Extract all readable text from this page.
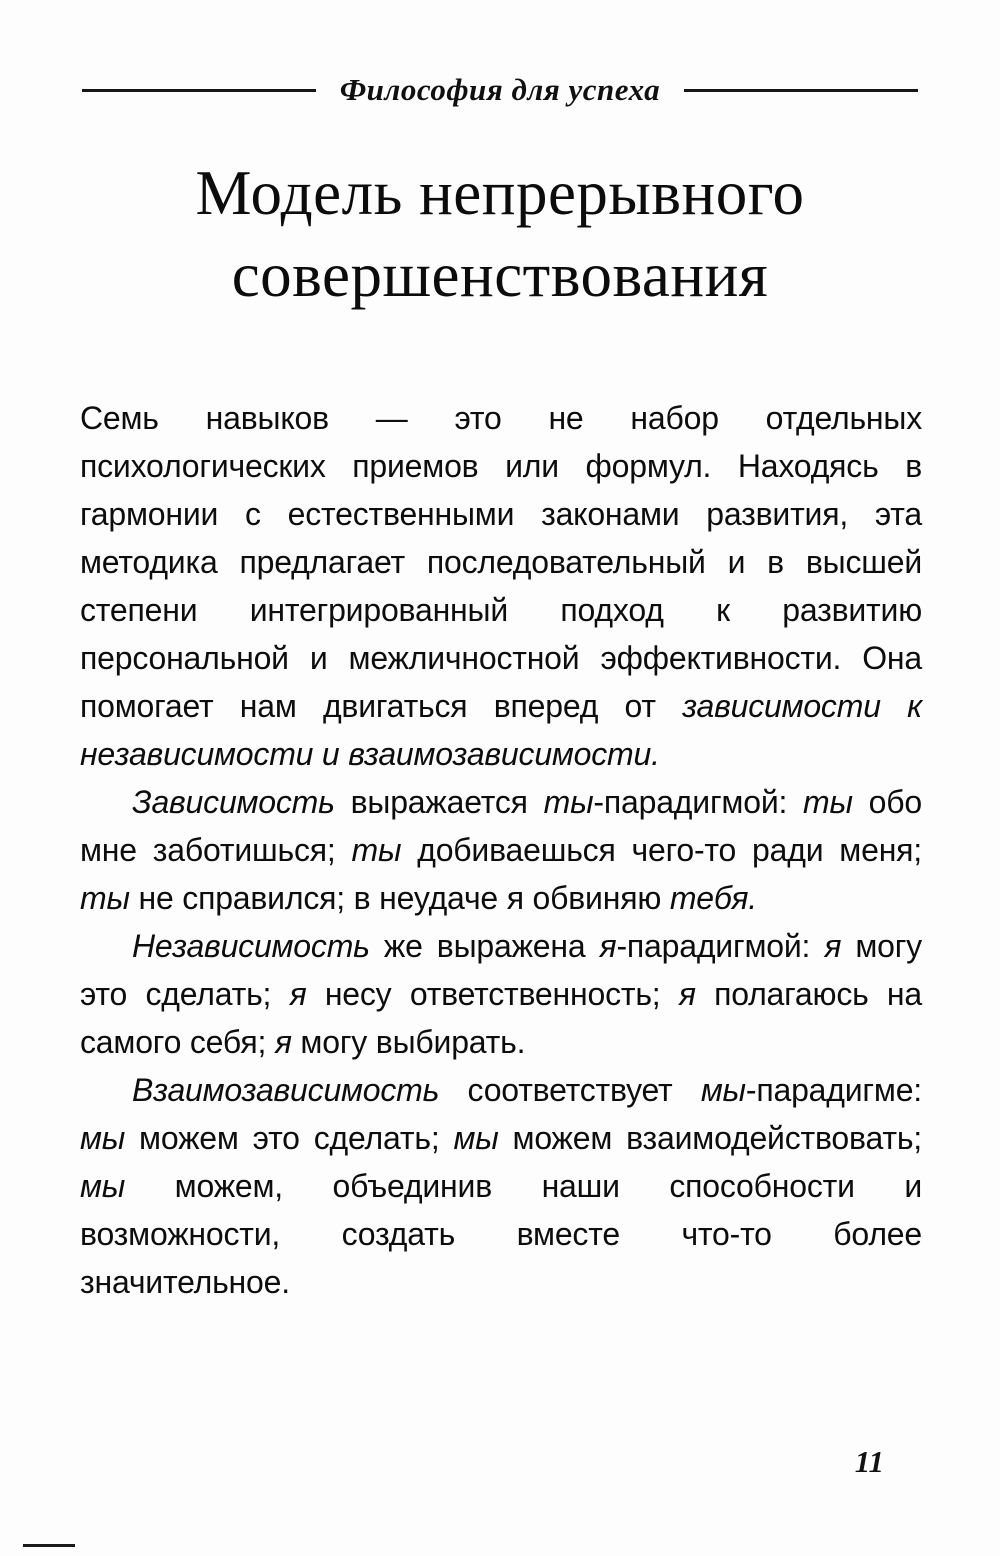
Философия для успеха
Модель непрерывного совершенствования

Семь навыков — это не набор отдельных психологических приемов или формул. Находясь в гармонии с естественными законами развития, эта методика предлагает последовательный и в высшей степени интегрированный подход к развитию персональной и межличностной эффективности. Она помогает нам двигаться вперед от зависимости к независимости и взаимозависимости.

Зависимость выражается ты-парадигмой: ты обо мне заботишься; ты добиваешься чего-то ради меня; ты не справился; в неудаче я обвиняю тебя.

Независимость же выражена я-парадигмой: я могу это сделать; я несу ответственность; я полагаюсь на самого себя; я могу выбирать.

Взаимозависимость соответствует мы-парадигме: мы можем это сделать; мы можем взаимодействовать; мы можем, объединив наши способности и возможности, создать вместе что-то более значительное.

11
